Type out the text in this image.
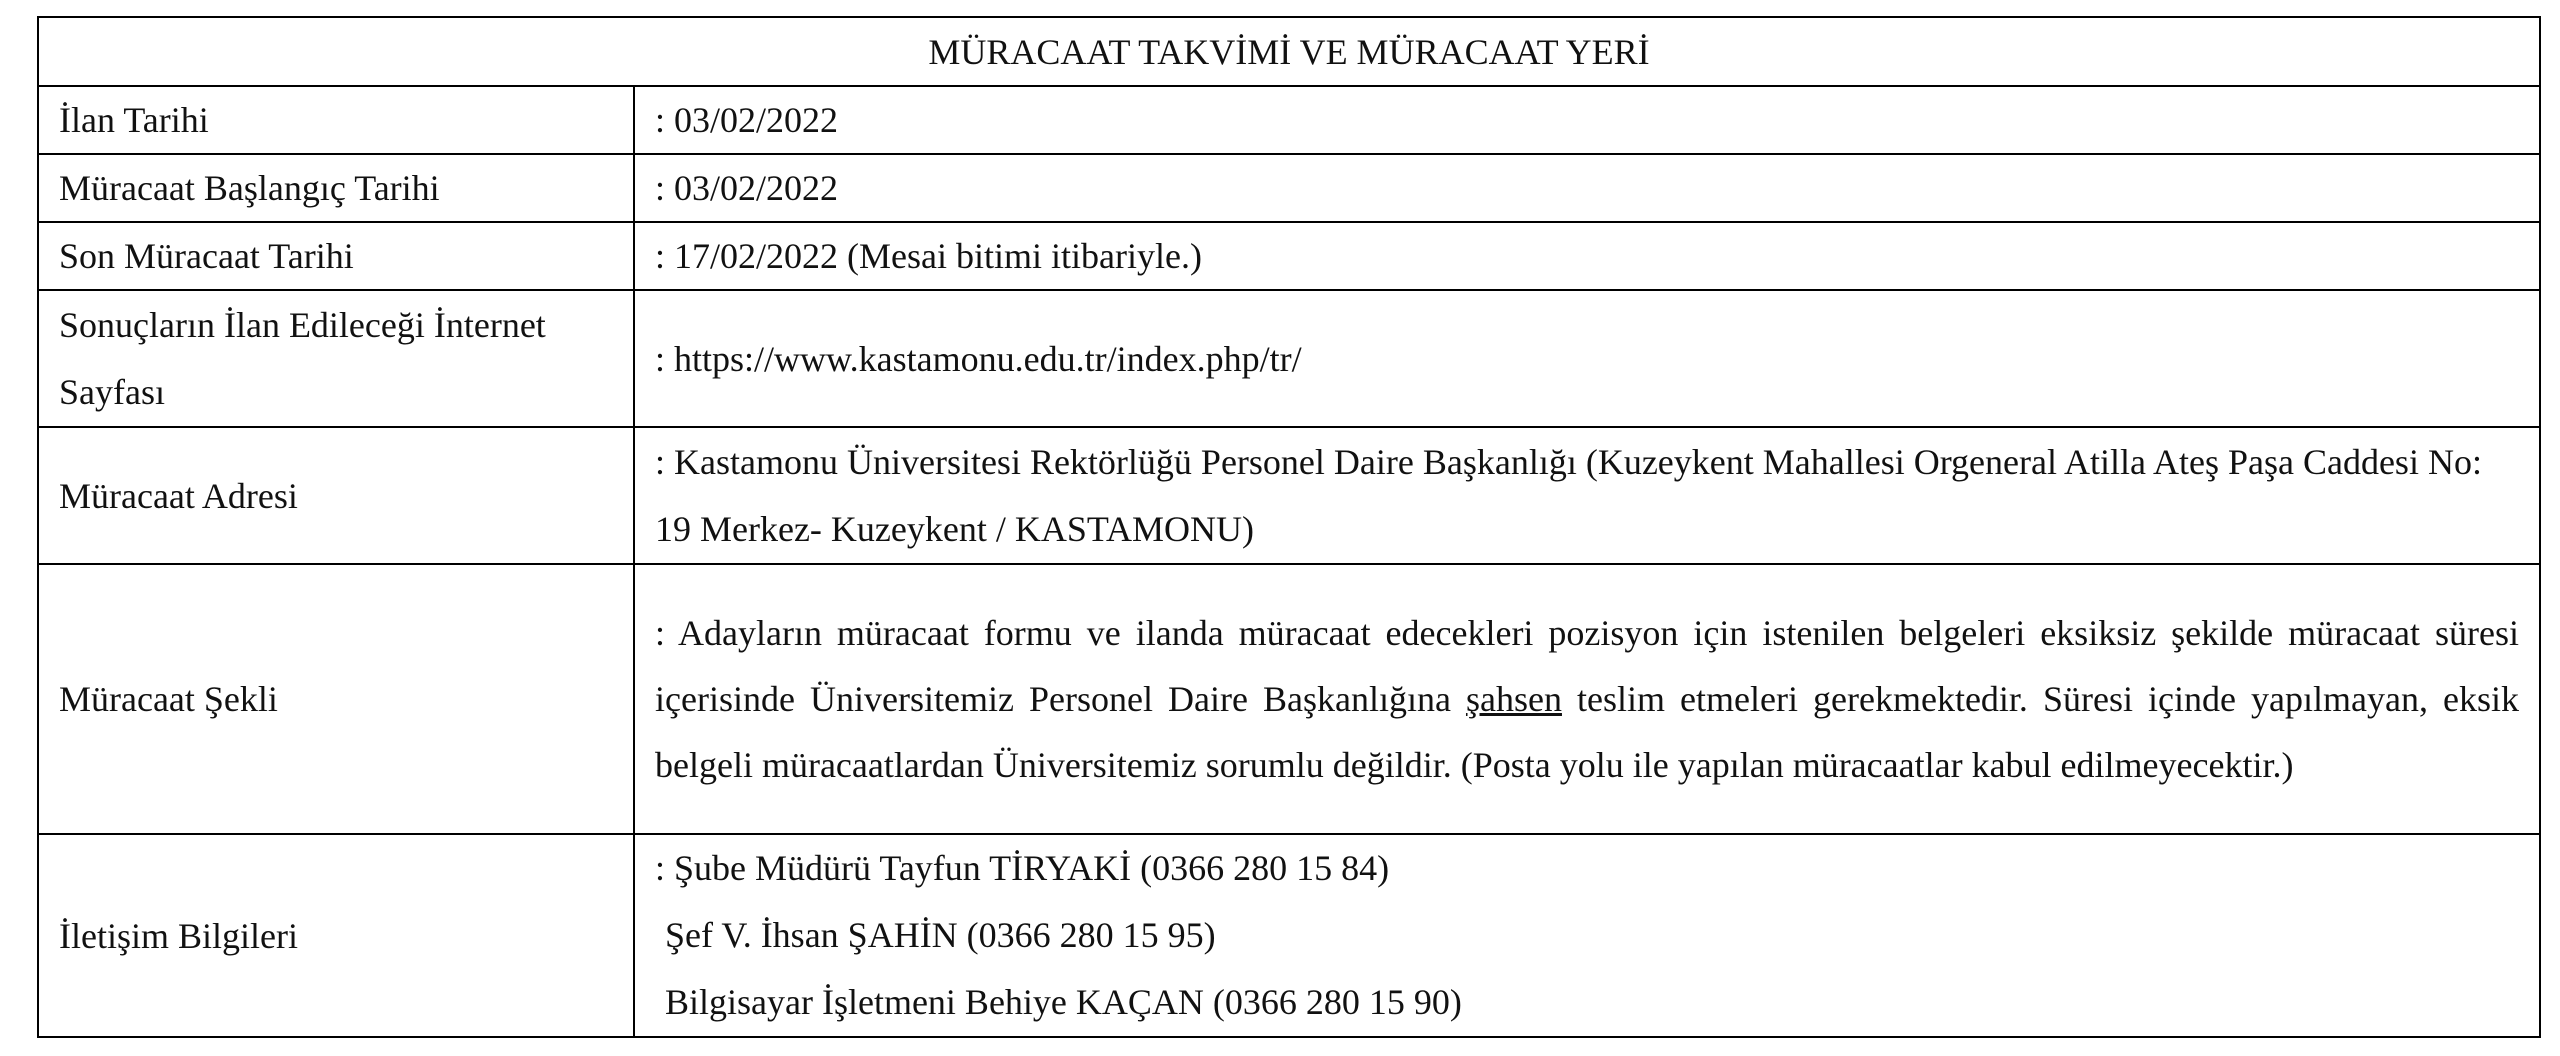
MÜRACAAT TAKVİMİ VE MÜRACAAT YERİ	
İlan Tarihi	: 03/02/2022
Müracaat Başlangıç Tarihi	: 03/02/2022
Son Müracaat Tarihi	: 17/02/2022 (Mesai bitimi itibariyle.)
Sonuçların İlan Edileceği İnternet Sayfası	: https://www.kastamonu.edu.tr/index.php/tr/
Müracaat Adresi	: Kastamonu Üniversitesi Rektörlüğü Personel Daire Başkanlığı (Kuzeykent Mahallesi Orgeneral Atilla Ateş Paşa Caddesi No: 19 Merkez- Kuzeykent / KASTAMONU)
Müracaat Şekli	: Adayların müracaat formu ve ilanda müracaat edecekleri pozisyon için istenilen belgeleri eksiksiz şekilde müracaat süresi içerisinde Üniversitemiz Personel Daire Başkanlığına şahsen teslim etmeleri gerekmektedir. Süresi içinde yapılmayan, eksik belgeli müracaatlardan Üniversitemiz sorumlu değildir. (Posta yolu ile yapılan müracaatlar kabul edilmeyecektir.)
İletişim Bilgileri	: Şube Müdürü Tayfun TİRYAKİ (0366 280 15 84)
Şef V. İhsan ŞAHİN (0366 280 15 95)
Bilgisayar İşletmeni Behiye KAÇAN (0366 280 15 90)
